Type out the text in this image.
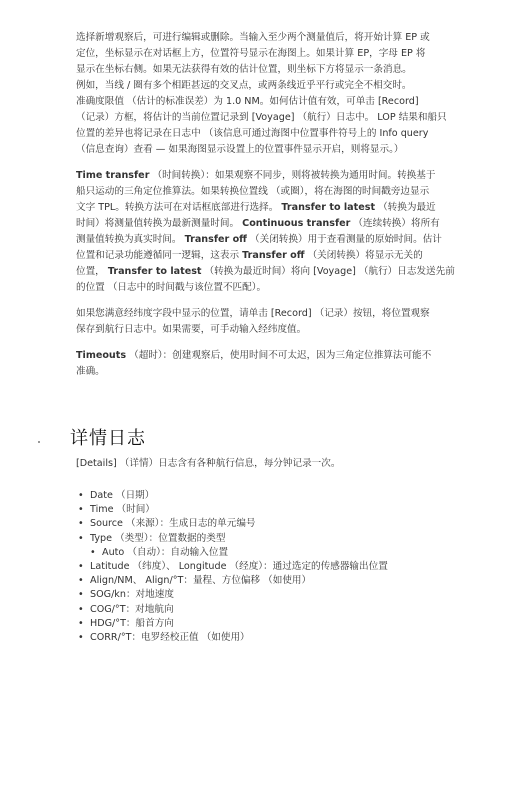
选择新增观察后，可进行编辑或删除。当输入至少两个测量值后，将开始计算 EP 或
定位，坐标显示在对话框上方，位置符号显示在海图上。如果计算 EP，字母 EP 将
显示在坐标右侧。如果无法获得有效的估计位置，则坐标下方将显示一条消息。
例如，当线 / 圈有多个相距甚远的交叉点，或两条线近乎平行或完全不相交时。
准确度限值 （估计的标准误差）为 1.0 NM。如何估计值有效，可单击 [Record]
（记录）方框，将估计的当前位置记录到 [Voyage] （航行）日志中。 LOP 结果和船只
位置的差异也将记录在日志中 （该信息可通过海图中位置事件符号上的 Info query
（信息查询）查看 — 如果海图显示设置上的位置事件显示开启，则将显示。）

Time transfer （时间转换）：如果观察不同步，则将被转换为通用时间。转换基于
船只运动的三角定位推算法。如果转换位置线 （或圈），将在海图的时间戳旁边显示
文字 TPL。转换方法可在对话框底部进行选择。 Transfer to latest （转换为最近
时间）将测量值转换为最新测量时间。 Continuous transfer （连续转换）将所有
测量值转换为真实时间。 Transfer off （关闭转换）用于查看测量的原始时间。估计
位置和记录功能遵循同一逻辑，这表示 Transfer off （关闭转换）将显示无关的
位置， Transfer to latest （转换为最近时间）将向 [Voyage] （航行）日志发送先前
的位置 （日志中的时间戳与该位置不匹配）。

如果您满意经纬度字段中显示的位置，请单击 [Record] （记录）按钮，将位置观察
保存到航行日志中。如果需要，可手动输入经纬度值。

Timeouts （超时）：创建观察后，使用时间不可太迟，因为三角定位推算法可能不
准确。

详情日志

[Details] （详情）日志含有各种航行信息，每分钟记录一次。

• Date （日期）
• Time （时间）
• Source （来源）：生成日志的单元编号
• Type （类型）：位置数据的类型
• Auto （自动）：自动输入位置
• Latitude （纬度）、 Longitude （经度）：通过选定的传感器输出位置
• Align/NM、 Align/°T：量程、方位偏移 （如使用）
• SOG/kn：对地速度
• COG/°T：对地航向
• HDG/°T：船首方向
• CORR/°T：电罗经校正值 （如使用）
